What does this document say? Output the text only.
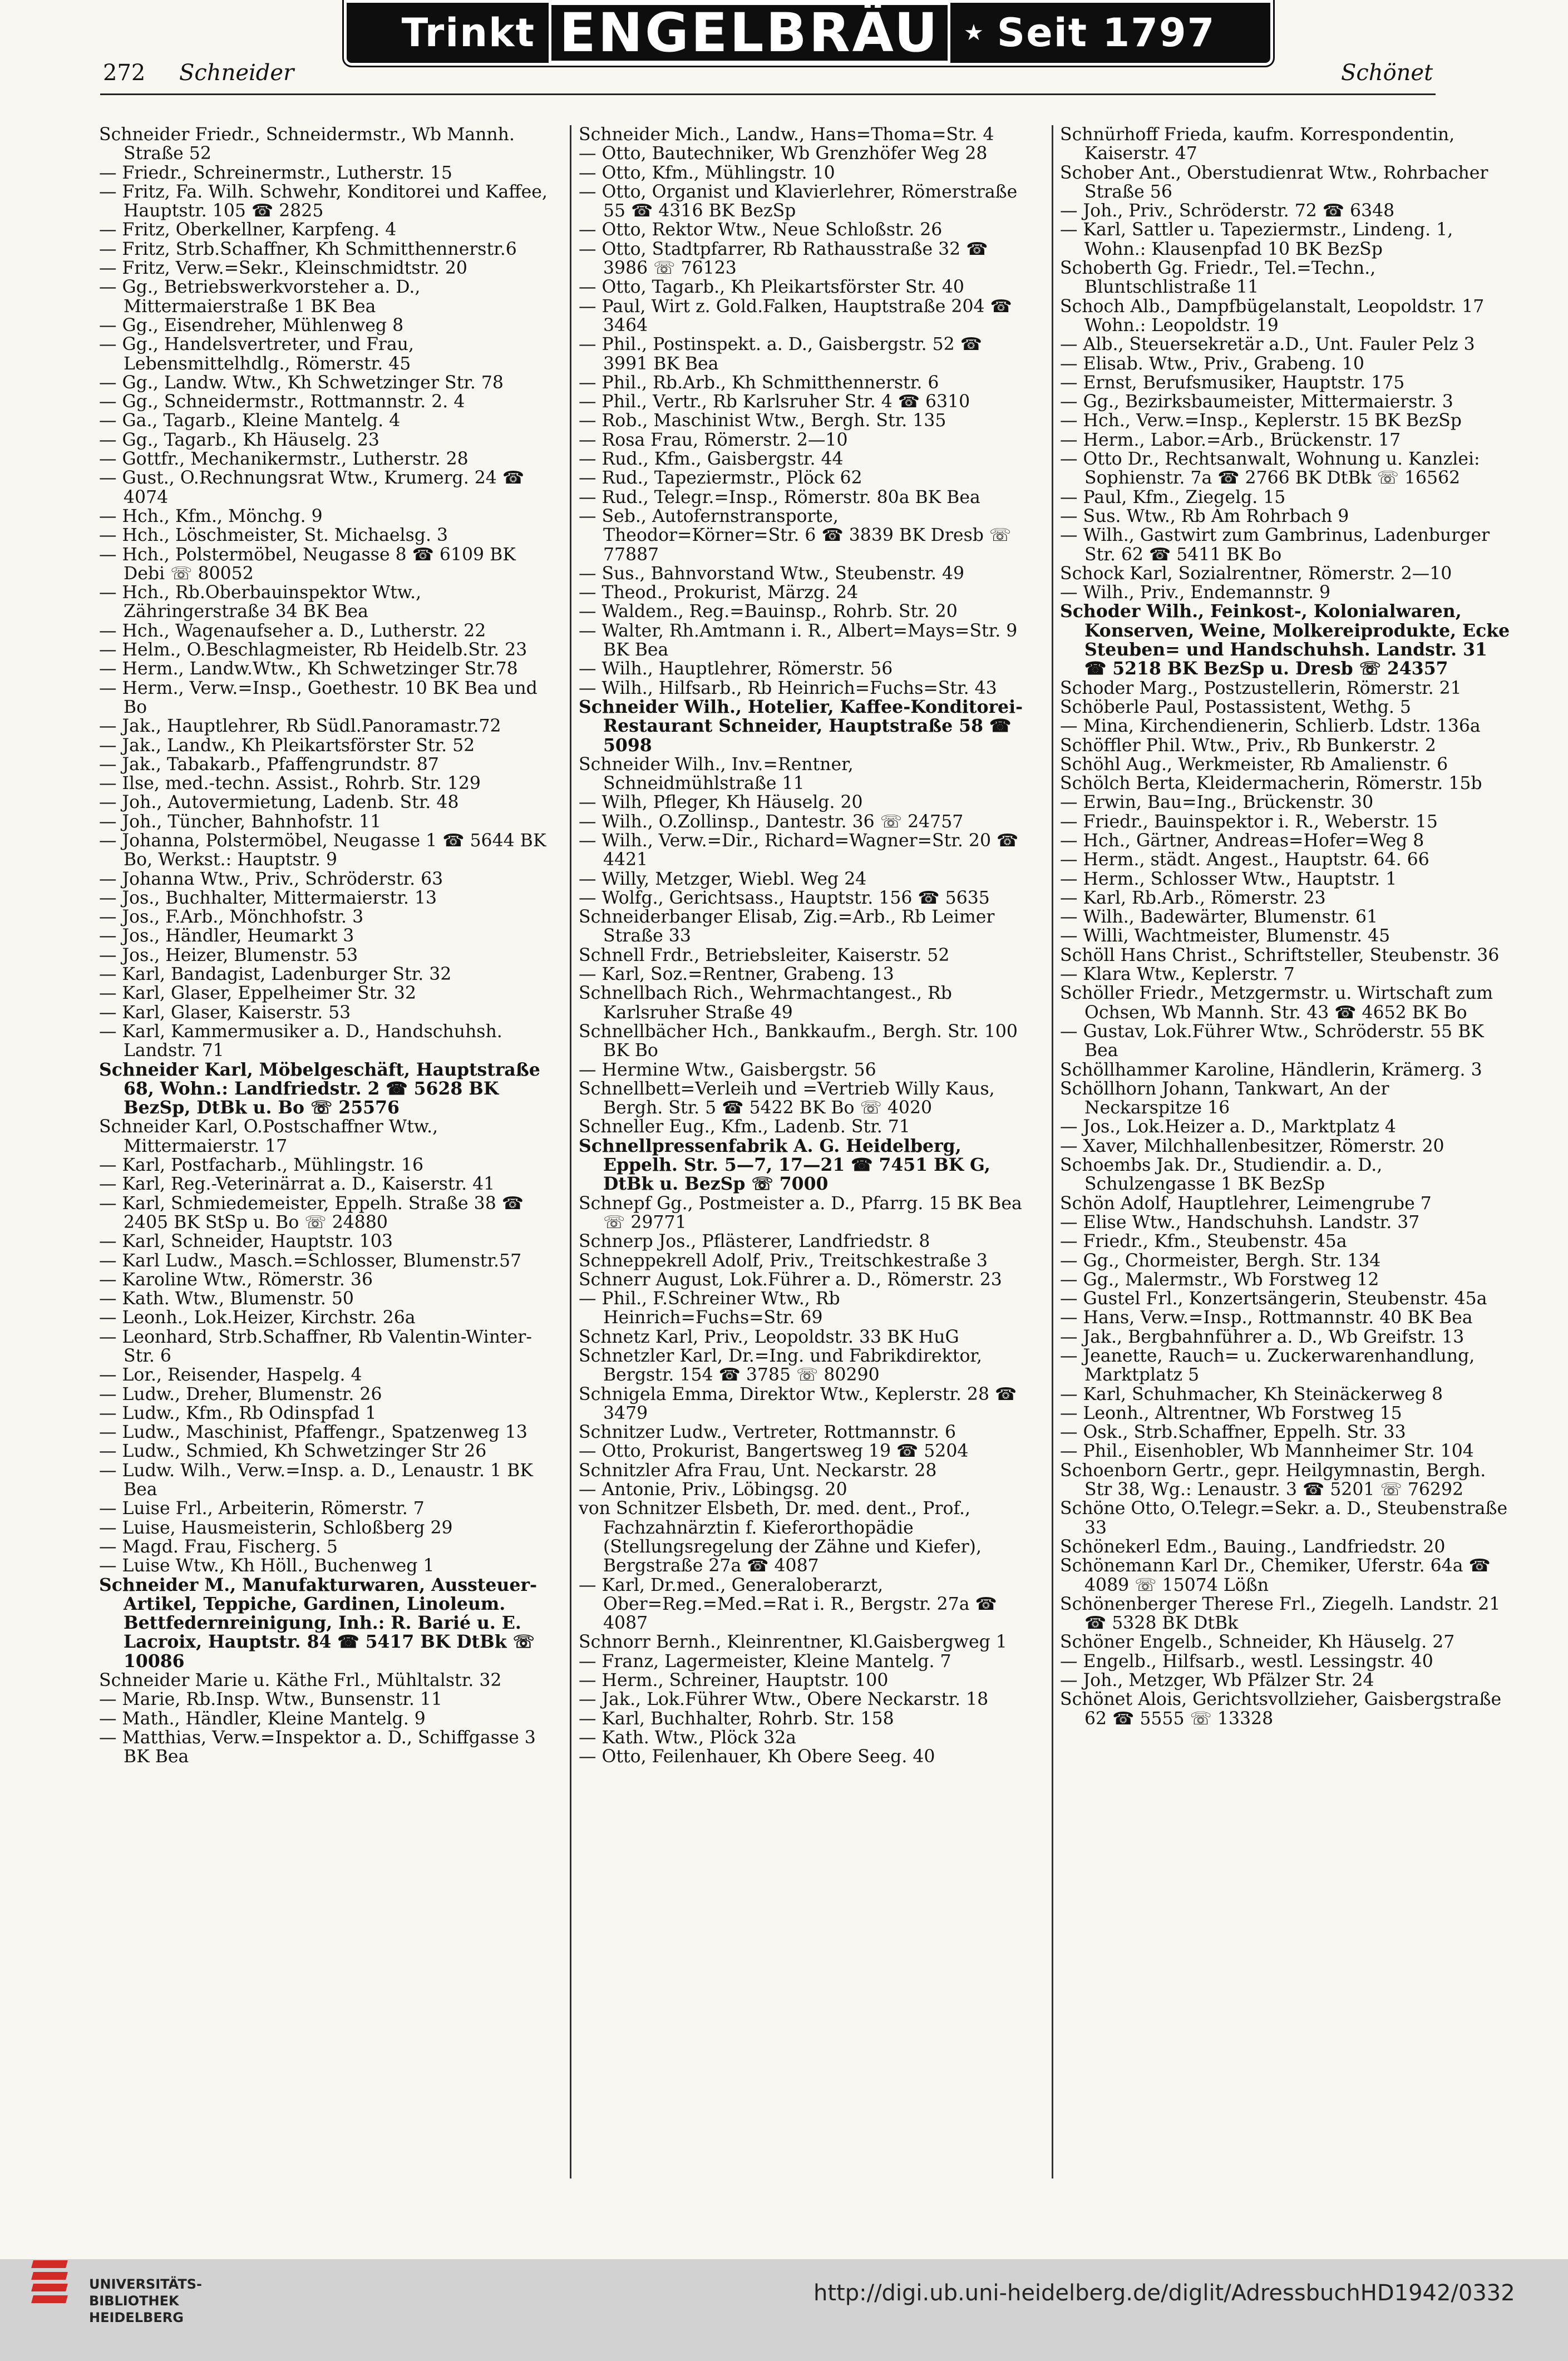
Trinkt ENGELBRÄU	★ Seit 1797
272 Schneider	Schönet

Schneider Friedr., Schneidermstr., Wb Mannh. Straße 52

— Friedr., Schreinermstr., Lutherstr. 15

— Fritz, Fa. Wilh. Schwehr, Konditorei und Kaffee, Hauptstr. 105 ☎ 2825

— Fritz, Oberkellner, Karpfeng. 4

— Fritz, Strb.Schaffner, Kh Schmitthennerstr.6

— Fritz, Verw.=Sekr., Kleinschmidtstr. 20

— Gg., Betriebswerkvorsteher a. D., Mittermaierstraße 1 BK Bea

— Gg., Eisendreher, Mühlenweg 8

— Gg., Handelsvertreter, und Frau, Lebensmittelhdlg., Römerstr. 45

— Gg., Landw. Wtw., Kh Schwetzinger Str. 78

— Gg., Schneidermstr., Rottmannstr. 2. 4

— Ga., Tagarb., Kleine Mantelg. 4

— Gg., Tagarb., Kh Häuselg. 23

— Gottfr., Mechanikermstr., Lutherstr. 28

— Gust., O.Rechnungsrat Wtw., Krumerg. 24 ☎ 4074

— Hch., Kfm., Mönchg. 9

— Hch., Löschmeister, St. Michaelsg. 3

— Hch., Polstermöbel, Neugasse 8 ☎ 6109 BK Debi ☏ 80052

— Hch., Rb.Oberbauinspektor Wtw., Zähringerstraße 34 BK Bea

— Hch., Wagenaufseher a. D., Lutherstr. 22

— Helm., O.Beschlagmeister, Rb Heidelb.Str. 23

— Herm., Landw.Wtw., Kh Schwetzinger Str.78

— Herm., Verw.=Insp., Goethestr. 10 BK Bea und Bo

— Jak., Hauptlehrer, Rb Südl.Panoramastr.72

— Jak., Landw., Kh Pleikartsförster Str. 52

— Jak., Tabakarb., Pfaffengrundstr. 87

— Ilse, med.-techn. Assist., Rohrb. Str. 129

— Joh., Autovermietung, Ladenb. Str. 48

— Joh., Tüncher, Bahnhofstr. 11

— Johanna, Polstermöbel, Neugasse 1 ☎ 5644 BK Bo, Werkst.: Hauptstr. 9

— Johanna Wtw., Priv., Schröderstr. 63

— Jos., Buchhalter, Mittermaierstr. 13

— Jos., F.Arb., Mönchhofstr. 3

— Jos., Händler, Heumarkt 3

— Jos., Heizer, Blumenstr. 53

— Karl, Bandagist, Ladenburger Str. 32

— Karl, Glaser, Eppelheimer Str. 32

— Karl, Glaser, Kaiserstr. 53

— Karl, Kammermusiker a. D., Handschuhsh. Landstr. 71

Schneider Karl, Möbelgeschäft, Hauptstraße 68, Wohn.: Landfriedstr. 2 ☎ 5628 BK BezSp, DtBk u. Bo ☏ 25576

Schneider Karl, O.Postschaffner Wtw., Mittermaierstr. 17

— Karl, Postfacharb., Mühlingstr. 16

— Karl, Reg.-Veterinärrat a. D., Kaiserstr. 41

— Karl, Schmiedemeister, Eppelh. Straße 38 ☎ 2405 BK StSp u. Bo ☏ 24880

— Karl, Schneider, Hauptstr. 103

— Karl Ludw., Masch.=Schlosser, Blumenstr.57

— Karoline Wtw., Römerstr. 36

— Kath. Wtw., Blumenstr. 50

— Leonh., Lok.Heizer, Kirchstr. 26a

— Leonhard, Strb.Schaffner, Rb Valentin-Winter-Str. 6

— Lor., Reisender, Haspelg. 4

— Ludw., Dreher, Blumenstr. 26

— Ludw., Kfm., Rb Odinspfad 1

— Ludw., Maschinist, Pfaffengr., Spatzenweg 13

— Ludw., Schmied, Kh Schwetzinger Str 26

— Ludw. Wilh., Verw.=Insp. a. D., Lenaustr. 1 BK Bea

— Luise Frl., Arbeiterin, Römerstr. 7

— Luise, Hausmeisterin, Schloßberg 29

— Magd. Frau, Fischerg. 5

— Luise Wtw., Kh Höll., Buchenweg 1

Schneider M., Manufakturwaren, Aussteuer-Artikel, Teppiche, Gardinen, Linoleum. Bettfedernreinigung, Inh.: R. Barié u. E. Lacroix, Hauptstr. 84 ☎ 5417 BK DtBk ☏ 10086

Schneider Marie u. Käthe Frl., Mühltalstr. 32

— Marie, Rb.Insp. Wtw., Bunsenstr. 11

— Math., Händler, Kleine Mantelg. 9

— Matthias, Verw.=Inspektor a. D., Schiffgasse 3 BK Bea

Schneider Mich., Landw., Hans=Thoma=Str. 4

— Otto, Bautechniker, Wb Grenzhöfer Weg 28

— Otto, Kfm., Mühlingstr. 10

— Otto, Organist und Klavierlehrer, Römerstraße 55 ☎ 4316 BK BezSp

— Otto, Rektor Wtw., Neue Schloßstr. 26

— Otto, Stadtpfarrer, Rb Rathausstraße 32 ☎ 3986 ☏ 76123

— Otto, Tagarb., Kh Pleikartsförster Str. 40

— Paul, Wirt z. Gold.Falken, Hauptstraße 204 ☎ 3464

— Phil., Postinspekt. a. D., Gaisbergstr. 52 ☎ 3991 BK Bea

— Phil., Rb.Arb., Kh Schmitthennerstr. 6

— Phil., Vertr., Rb Karlsruher Str. 4 ☎ 6310

— Rob., Maschinist Wtw., Bergh. Str. 135

— Rosa Frau, Römerstr. 2—10

— Rud., Kfm., Gaisbergstr. 44

— Rud., Tapeziermstr., Plöck 62

— Rud., Telegr.=Insp., Römerstr. 80a BK Bea

— Seb., Autofernstransporte, Theodor=Körner=Str. 6 ☎ 3839 BK Dresb ☏ 77887

— Sus., Bahnvorstand Wtw., Steubenstr. 49

— Theod., Prokurist, Märzg. 24

— Waldem., Reg.=Bauinsp., Rohrb. Str. 20

— Walter, Rh.Amtmann i. R., Albert=Mays=Str. 9 BK Bea

— Wilh., Hauptlehrer, Römerstr. 56

— Wilh., Hilfsarb., Rb Heinrich=Fuchs=Str. 43

Schneider Wilh., Hotelier, Kaffee-Konditorei-Restaurant Schneider, Hauptstraße 58 ☎ 5098

Schneider Wilh., Inv.=Rentner, Schneidmühlstraße 11

— Wilh, Pfleger, Kh Häuselg. 20

— Wilh., O.Zollinsp., Dantestr. 36 ☏ 24757

— Wilh., Verw.=Dir., Richard=Wagner=Str. 20 ☎ 4421

— Willy, Metzger, Wiebl. Weg 24

— Wolfg., Gerichtsass., Hauptstr. 156 ☎ 5635

Schneiderbanger Elisab, Zig.=Arb., Rb Leimer Straße 33

Schnell Frdr., Betriebsleiter, Kaiserstr. 52

— Karl, Soz.=Rentner, Grabeng. 13

Schnellbach Rich., Wehrmachtangest., Rb Karlsruher Straße 49

Schnellbächer Hch., Bankkaufm., Bergh. Str. 100 BK Bo

— Hermine Wtw., Gaisbergstr. 56

Schnellbett=Verleih und =Vertrieb Willy Kaus, Bergh. Str. 5 ☎ 5422 BK Bo ☏ 4020

Schneller Eug., Kfm., Ladenb. Str. 71

Schnellpressenfabrik A. G. Heidelberg, Eppelh. Str. 5—7, 17—21 ☎ 7451 BK G, DtBk u. BezSp ☏ 7000

Schnepf Gg., Postmeister a. D., Pfarrg. 15 BK Bea ☏ 29771

Schnerp Jos., Pflästerer, Landfriedstr. 8

Schneppekrell Adolf, Priv., Treitschkestraße 3

Schnerr August, Lok.Führer a. D., Römerstr. 23

— Phil., F.Schreiner Wtw., Rb Heinrich=Fuchs=Str. 69

Schnetz Karl, Priv., Leopoldstr. 33 BK HuG

Schnetzler Karl, Dr.=Ing. und Fabrikdirektor, Bergstr. 154 ☎ 3785 ☏ 80290

Schnigela Emma, Direktor Wtw., Keplerstr. 28 ☎ 3479

Schnitzer Ludw., Vertreter, Rottmannstr. 6

— Otto, Prokurist, Bangertsweg 19 ☎ 5204

Schnitzler Afra Frau, Unt. Neckarstr. 28

— Antonie, Priv., Löbingsg. 20

von Schnitzer Elsbeth, Dr. med. dent., Prof., Fachzahnärztin f. Kieferorthopädie (Stellungsregelung der Zähne und Kiefer), Bergstraße 27a ☎ 4087

— Karl, Dr.med., Generaloberarzt, Ober=Reg.=Med.=Rat i. R., Bergstr. 27a ☎ 4087

Schnorr Bernh., Kleinrentner, Kl.Gaisbergweg 1

— Franz, Lagermeister, Kleine Mantelg. 7

— Herm., Schreiner, Hauptstr. 100

— Jak., Lok.Führer Wtw., Obere Neckarstr. 18

— Karl, Buchhalter, Rohrb. Str. 158

— Kath. Wtw., Plöck 32a

— Otto, Feilenhauer, Kh Obere Seeg. 40

Schnürhoff Frieda, kaufm. Korrespondentin, Kaiserstr. 47

Schober Ant., Oberstudienrat Wtw., Rohrbacher Straße 56

— Joh., Priv., Schröderstr. 72 ☎ 6348

— Karl, Sattler u. Tapeziermstr., Lindeng. 1, Wohn.: Klausenpfad 10 BK BezSp

Schoberth Gg. Friedr., Tel.=Techn., Bluntschlistraße 11

Schoch Alb., Dampfbügelanstalt, Leopoldstr. 17 Wohn.: Leopoldstr. 19

— Alb., Steuersekretär a.D., Unt. Fauler Pelz 3

— Elisab. Wtw., Priv., Grabeng. 10

— Ernst, Berufsmusiker, Hauptstr. 175

— Gg., Bezirksbaumeister, Mittermaierstr. 3

— Hch., Verw.=Insp., Keplerstr. 15 BK BezSp

— Herm., Labor.=Arb., Brückenstr. 17

— Otto Dr., Rechtsanwalt, Wohnung u. Kanzlei: Sophienstr. 7a ☎ 2766 BK DtBk ☏ 16562

— Paul, Kfm., Ziegelg. 15

— Sus. Wtw., Rb Am Rohrbach 9

— Wilh., Gastwirt zum Gambrinus, Ladenburger Str. 62 ☎ 5411 BK Bo

Schock Karl, Sozialrentner, Römerstr. 2—10

— Wilh., Priv., Endemannstr. 9

Schoder Wilh., Feinkost-, Kolonialwaren, Konserven, Weine, Molkereiprodukte, Ecke Steuben= und Handschuhsh. Landstr. 31 ☎ 5218 BK BezSp u. Dresb ☏ 24357

Schoder Marg., Postzustellerin, Römerstr. 21

Schöberle Paul, Postassistent, Wethg. 5

— Mina, Kirchendienerin, Schlierb. Ldstr. 136a

Schöffler Phil. Wtw., Priv., Rb Bunkerstr. 2

Schöhl Aug., Werkmeister, Rb Amalienstr. 6

Schölch Berta, Kleidermacherin, Römerstr. 15b

— Erwin, Bau=Ing., Brückenstr. 30

— Friedr., Bauinspektor i. R., Weberstr. 15

— Hch., Gärtner, Andreas=Hofer=Weg 8

— Herm., städt. Angest., Hauptstr. 64. 66

— Herm., Schlosser Wtw., Hauptstr. 1

— Karl, Rb.Arb., Römerstr. 23

— Wilh., Badewärter, Blumenstr. 61

— Willi, Wachtmeister, Blumenstr. 45

Schöll Hans Christ., Schriftsteller, Steubenstr. 36

— Klara Wtw., Keplerstr. 7

Schöller Friedr., Metzgermstr. u. Wirtschaft zum Ochsen, Wb Mannh. Str. 43 ☎ 4652 BK Bo

— Gustav, Lok.Führer Wtw., Schröderstr. 55 BK Bea

Schöllhammer Karoline, Händlerin, Krämerg. 3

Schöllhorn Johann, Tankwart, An der Neckarspitze 16

— Jos., Lok.Heizer a. D., Marktplatz 4

— Xaver, Milchhallenbesitzer, Römerstr. 20

Schoembs Jak. Dr., Studiendir. a. D., Schulzengasse 1 BK BezSp

Schön Adolf, Hauptlehrer, Leimengrube 7

— Elise Wtw., Handschuhsh. Landstr. 37

— Friedr., Kfm., Steubenstr. 45a

— Gg., Chormeister, Bergh. Str. 134

— Gg., Malermstr., Wb Forstweg 12

— Gustel Frl., Konzertsängerin, Steubenstr. 45a

— Hans, Verw.=Insp., Rottmannstr. 40 BK Bea

— Jak., Bergbahnführer a. D., Wb Greifstr. 13

— Jeanette, Rauch= u. Zuckerwarenhandlung, Marktplatz 5

— Karl, Schuhmacher, Kh Steinäckerweg 8

— Leonh., Altrentner, Wb Forstweg 15

— Osk., Strb.Schaffner, Eppelh. Str. 33

— Phil., Eisenhobler, Wb Mannheimer Str. 104

Schoenborn Gertr., gepr. Heilgymnastin, Bergh. Str 38, Wg.: Lenaustr. 3 ☎ 5201 ☏ 76292

Schöne Otto, O.Telegr.=Sekr. a. D., Steubenstraße 33

Schönekerl Edm., Bauing., Landfriedstr. 20

Schönemann Karl Dr., Chemiker, Uferstr. 64a ☎ 4089 ☏ 15074 Lößn

Schönenberger Therese Frl., Ziegelh. Landstr. 21 ☎ 5328 BK DtBk

Schöner Engelb., Schneider, Kh Häuselg. 27

— Engelb., Hilfsarb., westl. Lessingstr. 40

— Joh., Metzger, Wb Pfälzer Str. 24

Schönet Alois, Gerichtsvollzieher, Gaisbergstraße 62 ☎ 5555 ☏ 13328

UNIVERSITÄTS-
BIBLIOTHEK
HEIDELBERG
http://digi.ub.uni-heidelberg.de/diglit/AdressbuchHD1942/0332
